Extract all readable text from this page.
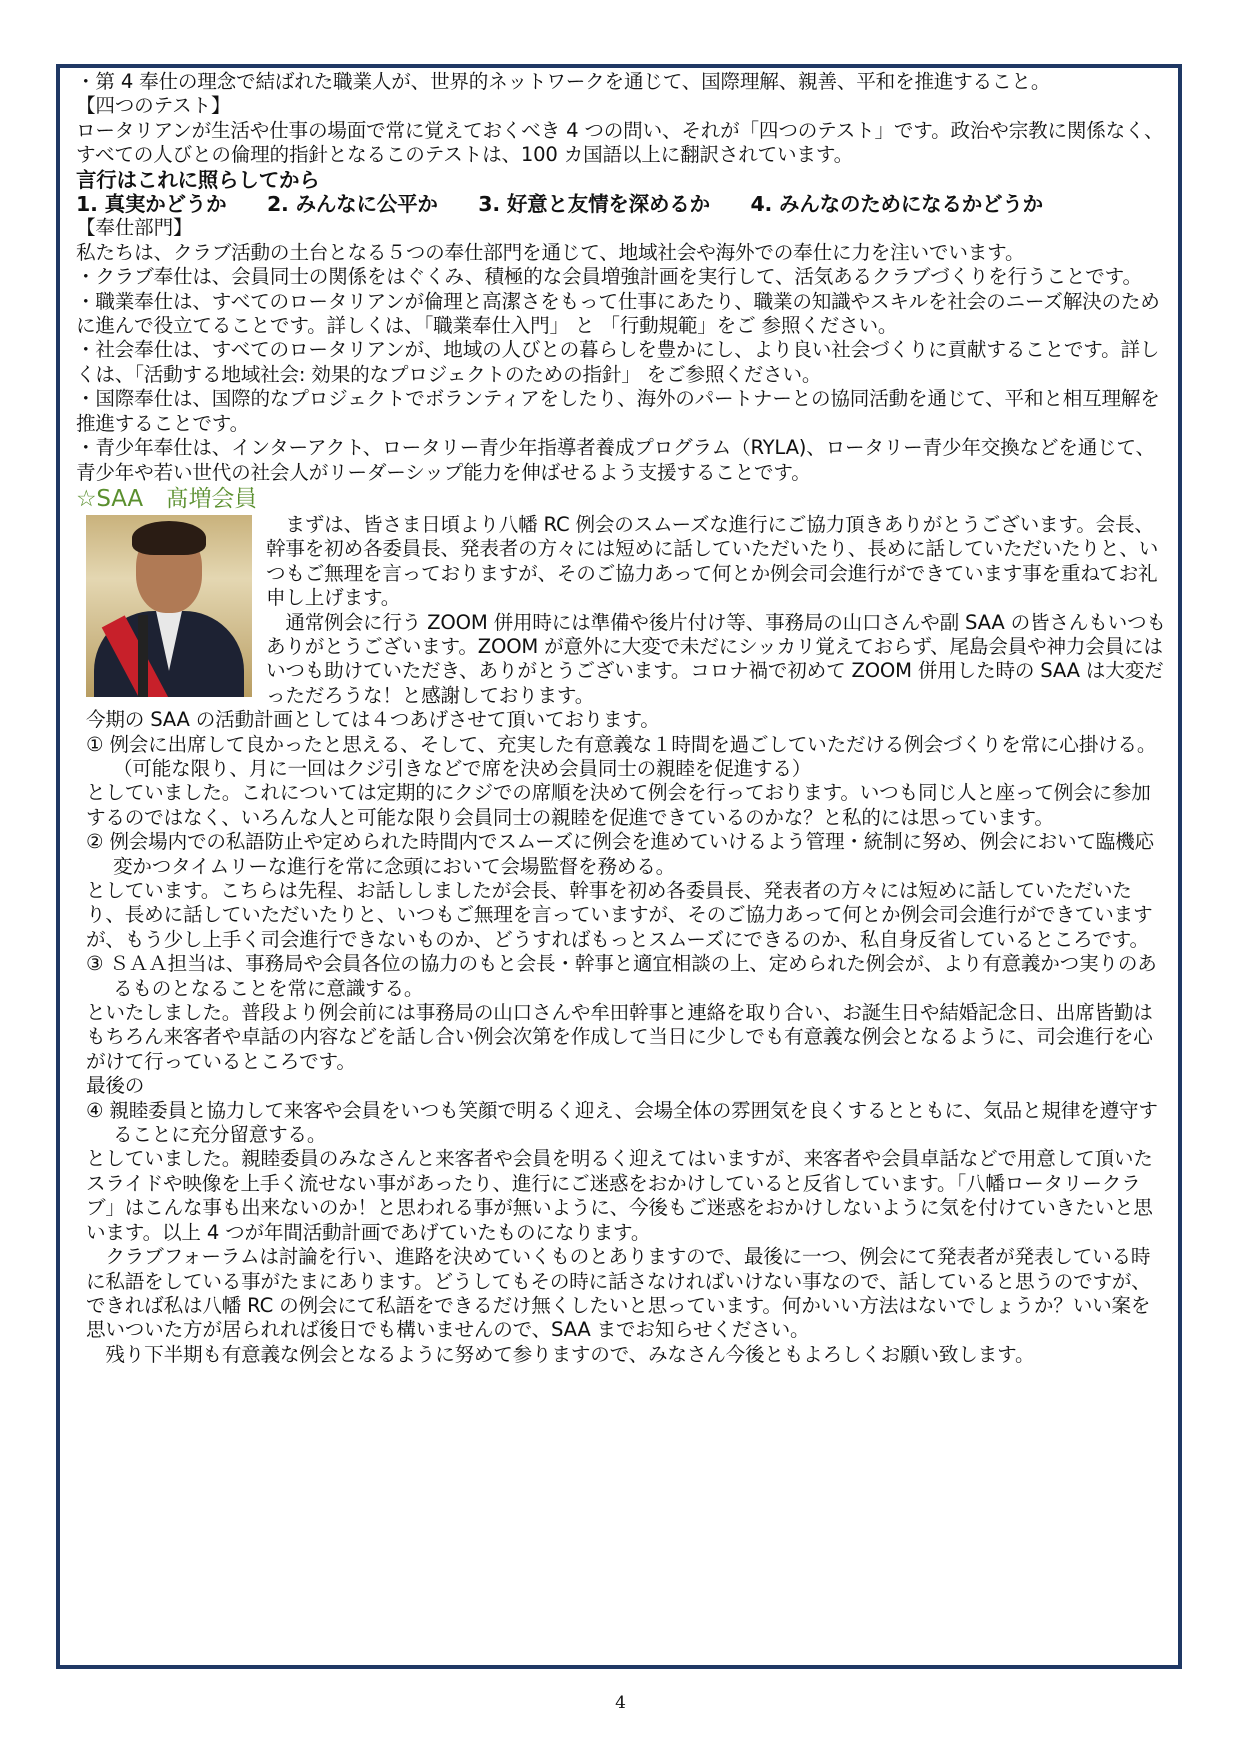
・第 4 奉仕の理念で結ばれた職業人が、世界的ネットワークを通じて、国際理解、親善、平和を推進すること。

【四つのテスト】

ロータリアンが生活や仕事の場面で常に覚えておくべき 4 つの問い、それが「四つのテスト」です。政治や宗教に関係なく、すべての人びとの倫理的指針となるこのテストは、100 カ国語以上に翻訳されています。

言行はこれに照らしてから

1. 真実かどうか　　2. みんなに公平か　　3. 好意と友情を深めるか　　4. みんなのためになるかどうか

【奉仕部門】

私たちは、クラブ活動の土台となる５つの奉仕部門を通じて、地域社会や海外での奉仕に力を注いでいます。

・クラブ奉仕は、会員同士の関係をはぐくみ、積極的な会員増強計画を実行して、活気あるクラブづくりを行うことです。

・職業奉仕は、すべてのロータリアンが倫理と高潔さをもって仕事にあたり、職業の知識やスキルを社会のニーズ解決のために進んで役立てることです。詳しくは、「職業奉仕入門」 と 「行動規範」をご 参照ください。

・社会奉仕は、すべてのロータリアンが、地域の人びとの暮らしを豊かにし、より良い社会づくりに貢献することです。詳しくは、「活動する地域社会: 効果的なプロジェクトのための指針」 をご参照ください。

・国際奉仕は、国際的なプロジェクトでボランティアをしたり、海外のパートナーとの協同活動を通じて、平和と相互理解を推進することです。

・青少年奉仕は、インターアクト、ロータリー青少年指導者養成プログラム（RYLA)、ロータリー青少年交換などを通じて、青少年や若い世代の社会人がリーダーシップ能力を伸ばせるよう支援することです。

☆SAA　髙増会員

　まずは、皆さま日頃より八幡 RC 例会のスムーズな進行にご協力頂きありがとうございます。会長、幹事を初め各委員長、発表者の方々には短めに話していただいたり、長めに話していただいたりと、いつもご無理を言っておりますが、そのご協力あって何とか例会司会進行ができています事を重ねてお礼申し上げます。

　通常例会に行う ZOOM 併用時には準備や後片付け等、事務局の山口さんや副 SAA の皆さんもいつもありがとうございます。ZOOM が意外に大変で未だにシッカリ覚えておらず、尾島会員や神力会員にはいつも助けていただき、ありがとうございます。コロナ禍で初めて ZOOM 併用した時の SAA は大変だっただろうな！と感謝しております。

今期の SAA の活動計画としては４つあげさせて頂いております。

① 例会に出席して良かったと思える、そして、充実した有意義な１時間を過ごしていただける例会づくりを常に心掛ける。（可能な限り、月に一回はクジ引きなどで席を決め会員同士の親睦を促進する）

としていました。これについては定期的にクジでの席順を決めて例会を行っております。いつも同じ人と座って例会に参加するのではなく、いろんな人と可能な限り会員同士の親睦を促進できているのかな？と私的には思っています。

② 例会場内での私語防止や定められた時間内でスムーズに例会を進めていけるよう管理・統制に努め、例会において臨機応変かつタイムリーな進行を常に念頭において会場監督を務める。

としています。こちらは先程、お話ししましたが会長、幹事を初め各委員長、発表者の方々には短めに話していただいたり、長めに話していただいたりと、いつもご無理を言っていますが、そのご協力あって何とか例会司会進行ができていますが、もう少し上手く司会進行できないものか、どうすればもっとスムーズにできるのか、私自身反省しているところです。

③ ＳＡＡ担当は、事務局や会員各位の協力のもと会長・幹事と適宜相談の上、定められた例会が、より有意義かつ実りのあるものとなることを常に意識する。

といたしました。普段より例会前には事務局の山口さんや牟田幹事と連絡を取り合い、お誕生日や結婚記念日、出席皆勤はもちろん来客者や卓話の内容などを話し合い例会次第を作成して当日に少しでも有意義な例会となるように、司会進行を心がけて行っているところです。

最後の

④ 親睦委員と協力して来客や会員をいつも笑顔で明るく迎え、会場全体の雰囲気を良くするとともに、気品と規律を遵守することに充分留意する。

としていました。親睦委員のみなさんと来客者や会員を明るく迎えてはいますが、来客者や会員卓話などで用意して頂いたスライドや映像を上手く流せない事があったり、進行にご迷惑をおかけしていると反省しています。「八幡ロータリークラブ」はこんな事も出来ないのか！と思われる事が無いように、今後もご迷惑をおかけしないように気を付けていきたいと思います。以上 4 つが年間活動計画であげていたものになります。

　クラブフォーラムは討論を行い、進路を決めていくものとありますので、最後に一つ、例会にて発表者が発表している時に私語をしている事がたまにあります。どうしてもその時に話さなければいけない事なので、話していると思うのですが、できれば私は八幡 RC の例会にて私語をできるだけ無くしたいと思っています。何かいい方法はないでしょうか？いい案を思いついた方が居られれば後日でも構いませんので、SAA までお知らせください。

　残り下半期も有意義な例会となるように努めて参りますので、みなさん今後ともよろしくお願い致します。

4
